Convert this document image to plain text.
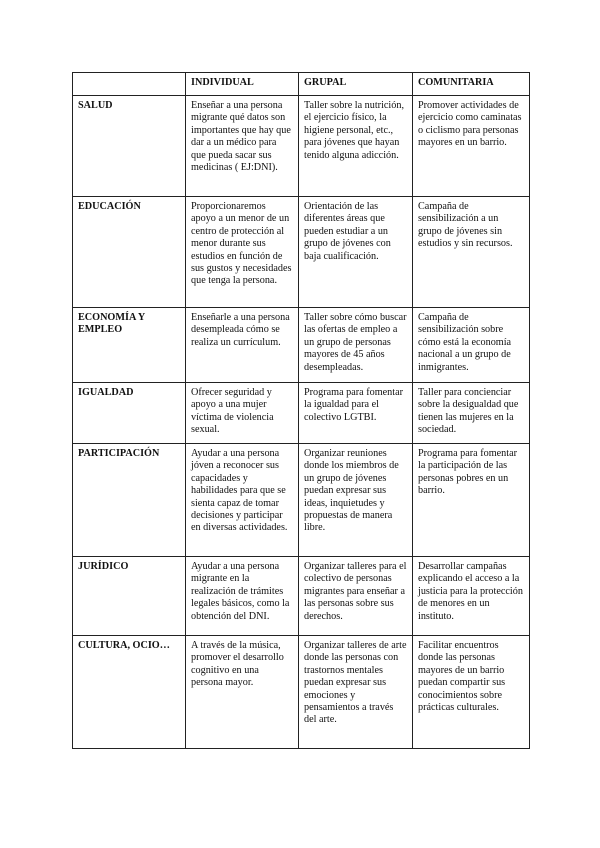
	INDIVIDUAL	GRUPAL	COMUNITARIA
SALUD	Enseñar a una persona migrante qué datos son importantes que hay que dar a un médico para que pueda sacar sus medicinas ( EJ:DNI).	Taller sobre la nutrición, el ejercicio físico, la higiene personal, etc., para jóvenes que hayan tenido alguna adicción.	Promover actividades de ejercicio como caminatas o ciclismo para personas mayores en un barrio.
EDUCACIÓN	Proporcionaremos apoyo a un menor de un centro de protección al menor durante sus estudios en función de sus gustos y necesidades que tenga la persona.	Orientación de las diferentes áreas que pueden estudiar a un grupo de jóvenes con baja cualificación.	Campaña de sensibilización a un grupo de jóvenes sin estudios y sin recursos.
ECONOMÍA Y EMPLEO	Enseñarle a una persona desempleada cómo se realiza un currículum.	Taller sobre cómo buscar las ofertas de empleo a un grupo de personas mayores de 45 años desempleadas.	Campaña de sensibilización sobre cómo está la economía nacional a un grupo de inmigrantes.
IGUALDAD	Ofrecer seguridad y apoyo a una mujer víctima de violencia sexual.	Programa para fomentar la igualdad para el colectivo LGTBI.	Taller para concienciar sobre la desigualdad que tienen las mujeres en la sociedad.
PARTICIPACIÓN	Ayudar a una persona jóven a reconocer sus capacidades y habilidades para que se sienta capaz de tomar decisiones y participar en diversas actividades.	Organizar reuniones donde los miembros de un grupo de jóvenes puedan expresar sus ideas, inquietudes y propuestas de manera libre.	Programa para fomentar la participación de las personas pobres en un barrio.
JURÍDICO	Ayudar a una persona migrante en la realización de trámites legales básicos, como la obtención del DNI.	Organizar talleres para el colectivo de personas migrantes para enseñar a las personas sobre sus derechos.	Desarrollar campañas explicando el acceso a la justicia para la protección de menores en un instituto.
CULTURA, OCIO…	A través de la música, promover el desarrollo cognitivo en una persona mayor.	Organizar talleres de arte donde las personas con trastornos mentales puedan expresar sus emociones y pensamientos a través del arte.	Facilitar encuentros donde las personas mayores de un barrio puedan compartir sus conocimientos sobre prácticas culturales.
